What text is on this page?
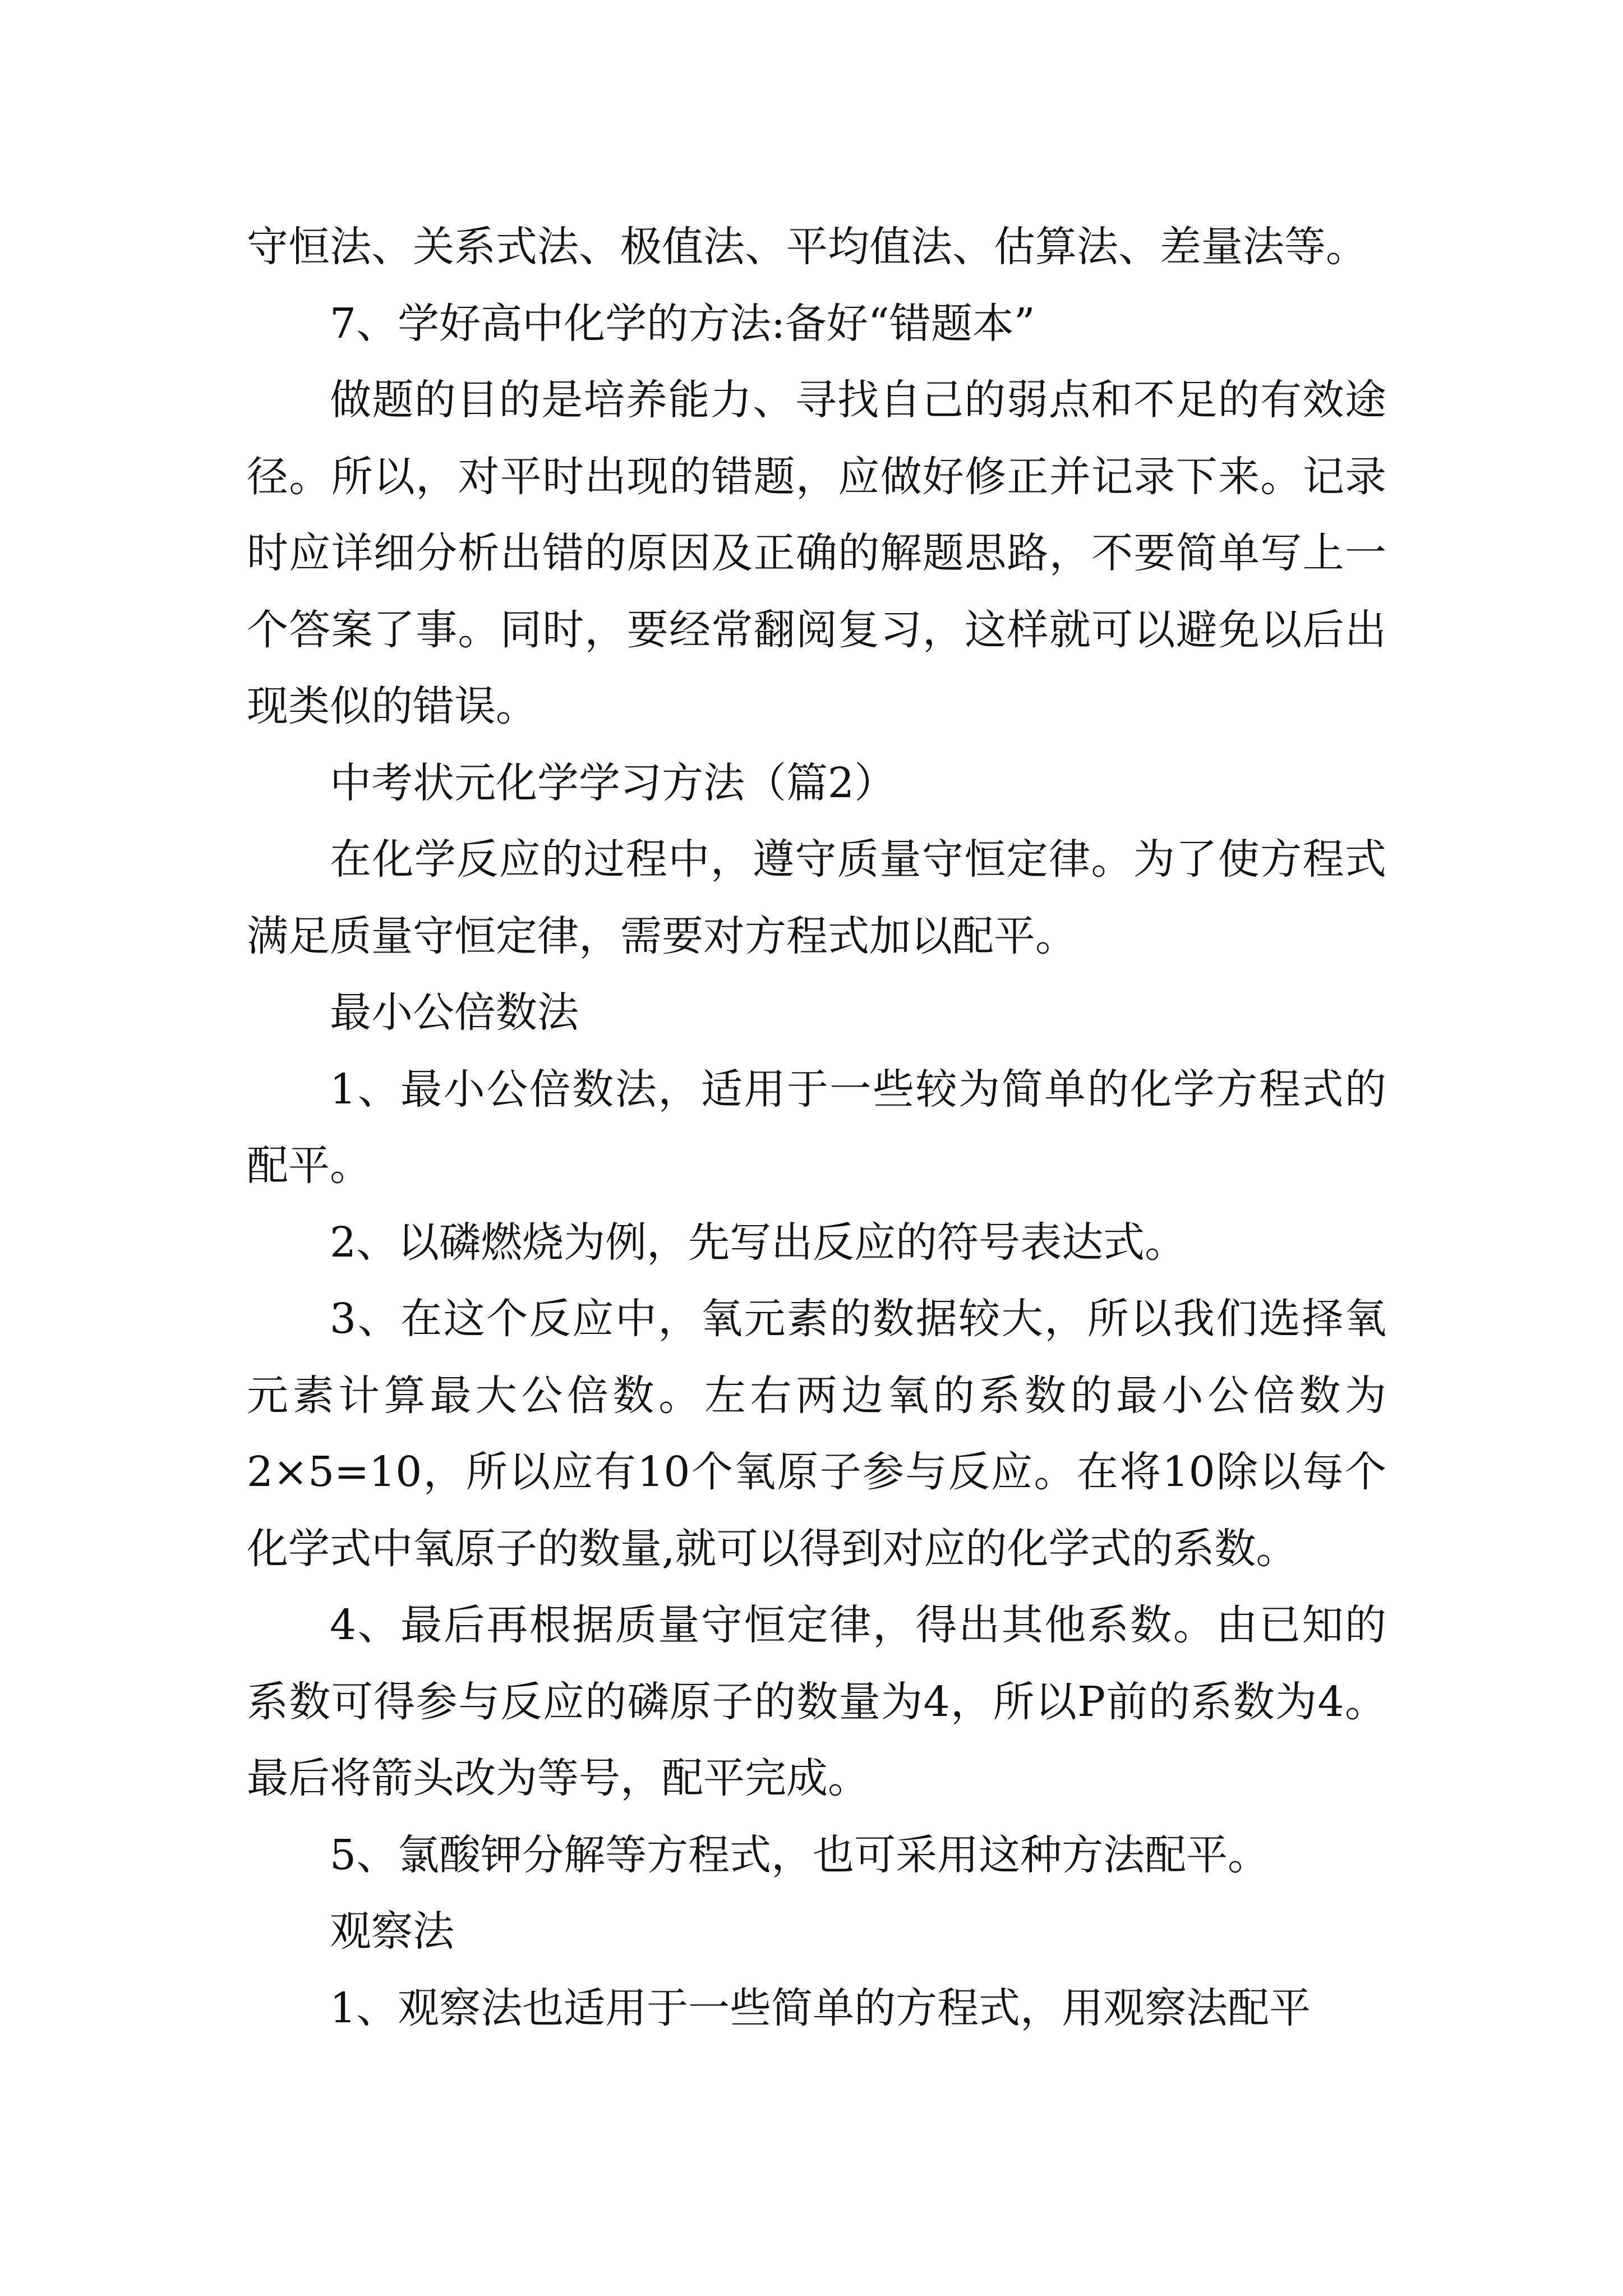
守恒法、关系式法、极值法、平均值法、估算法、差量法等。

7、学好高中化学的方法:备好“错题本”

做题的目的是培养能力、寻找自己的弱点和不足的有效途径。所以，对平时出现的错题，应做好修正并记录下来。记录时应详细分析出错的原因及正确的解题思路，不要简单写上一个答案了事。同时，要经常翻阅复习，这样就可以避免以后出现类似的错误。

中考状元化学学习方法（篇2）

在化学反应的过程中，遵守质量守恒定律。为了使方程式满足质量守恒定律，需要对方程式加以配平。

最小公倍数法

1、最小公倍数法，适用于一些较为简单的化学方程式的配平。

2、以磷燃烧为例，先写出反应的符号表达式。

3、在这个反应中，氧元素的数据较大，所以我们选择氧元素计算最大公倍数。左右两边氧的系数的最小公倍数为2×5=10，所以应有10个氧原子参与反应。在将10除以每个化学式中氧原子的数量,就可以得到对应的化学式的系数。

4、最后再根据质量守恒定律，得出其他系数。由已知的系数可得参与反应的磷原子的数量为4，所以P前的系数为4。最后将箭头改为等号，配平完成。

5、氯酸钾分解等方程式，也可采用这种方法配平。

观察法

1、观察法也适用于一些简单的方程式，用观察法配平
